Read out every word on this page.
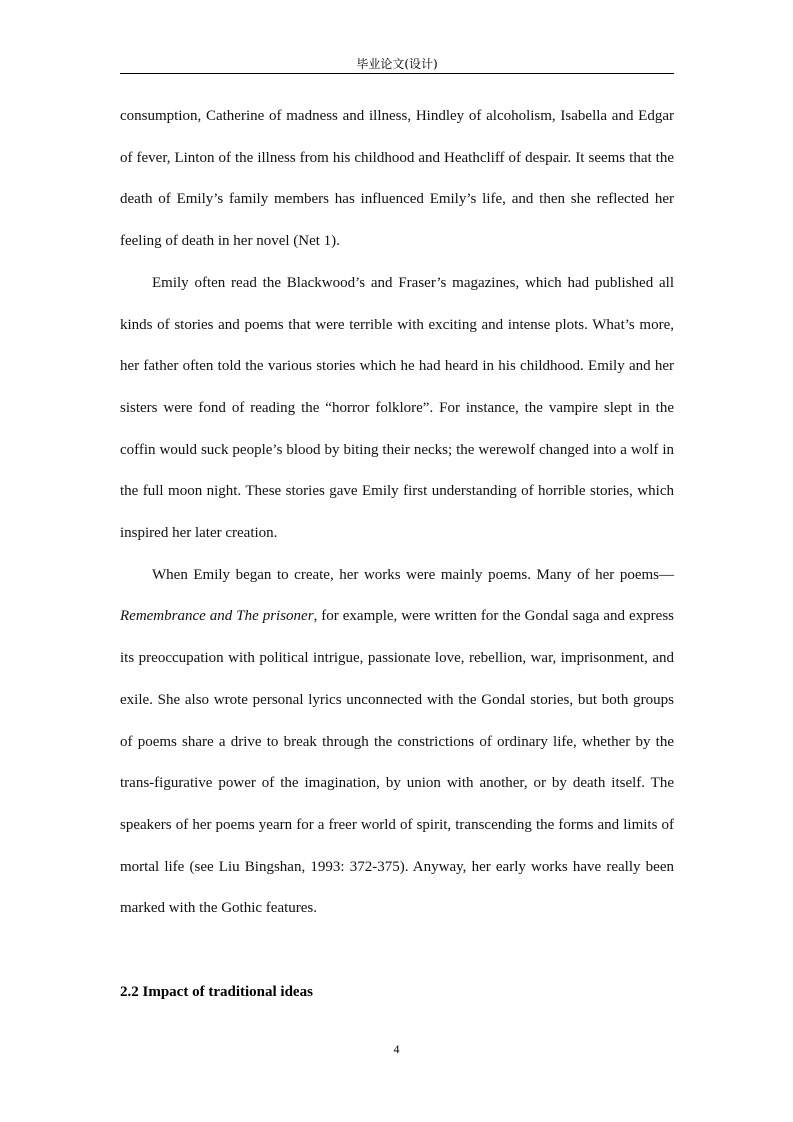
毕业论文(设计)

consumption, Catherine of madness and illness, Hindley of alcoholism, Isabella and Edgar of fever, Linton of the illness from his childhood and Heathcliff of despair. It seems that the death of Emily’s family members has influenced Emily’s life, and then she reflected her feeling of death in her novel (Net 1).

Emily often read the Blackwood’s and Fraser’s magazines, which had published all kinds of stories and poems that were terrible with exciting and intense plots. What’s more, her father often told the various stories which he had heard in his childhood. Emily and her sisters were fond of reading the “horror folklore”. For instance, the vampire slept in the coffin would suck people’s blood by biting their necks; the werewolf changed into a wolf in the full moon night. These stories gave Emily first understanding of horrible stories, which inspired her later creation.

When Emily began to create, her works were mainly poems. Many of her poems—Remembrance and The prisoner, for example, were written for the Gondal saga and express its preoccupation with political intrigue, passionate love, rebellion, war, imprisonment, and exile. She also wrote personal lyrics unconnected with the Gondal stories, but both groups of poems share a drive to break through the constrictions of ordinary life, whether by the trans-figurative power of the imagination, by union with another, or by death itself. The speakers of her poems yearn for a freer world of spirit, transcending the forms and limits of mortal life (see Liu Bingshan, 1993: 372-375). Anyway, her early works have really been marked with the Gothic features.

2.2 Impact of traditional ideas
4
